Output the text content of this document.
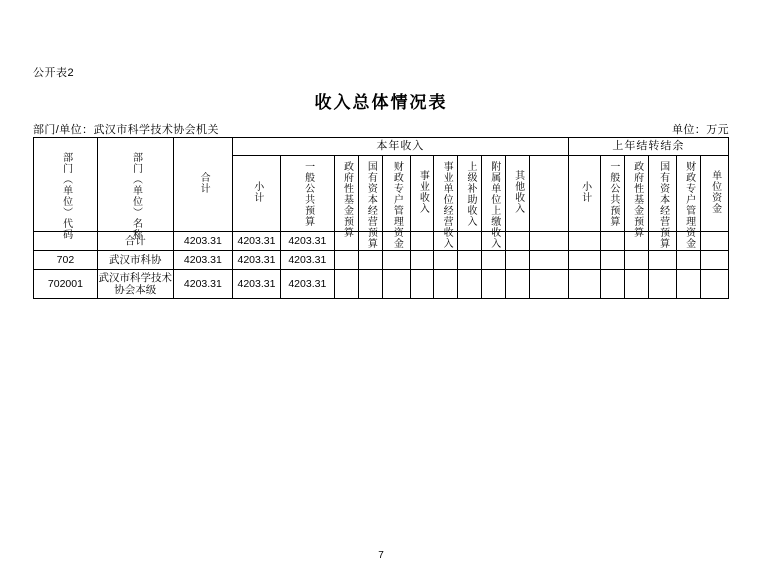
公开表2
收入总体情况表
部门/单位：武汉市科学技术协会机关	单位：万元
部门（单位）代码	部门（单位）名称	合计	本年收入											上年结转结余					
			小计	一般公共预算	政府性基金预算	国有资本经营预算	财政专户管理资金	事业收入	事业单位经营收入	上级补助收入	附属单位上缴收入	其他收入		小计	一般公共预算	政府性基金预算	国有资本经营预算	财政专户管理资金	单位资金
	合计	4203.31	4203.31	4203.31															
702	武汉市科协	4203.31	4203.31	4203.31															
702001	武汉市科学技术协会本级	4203.31	4203.31	4203.31															
7
